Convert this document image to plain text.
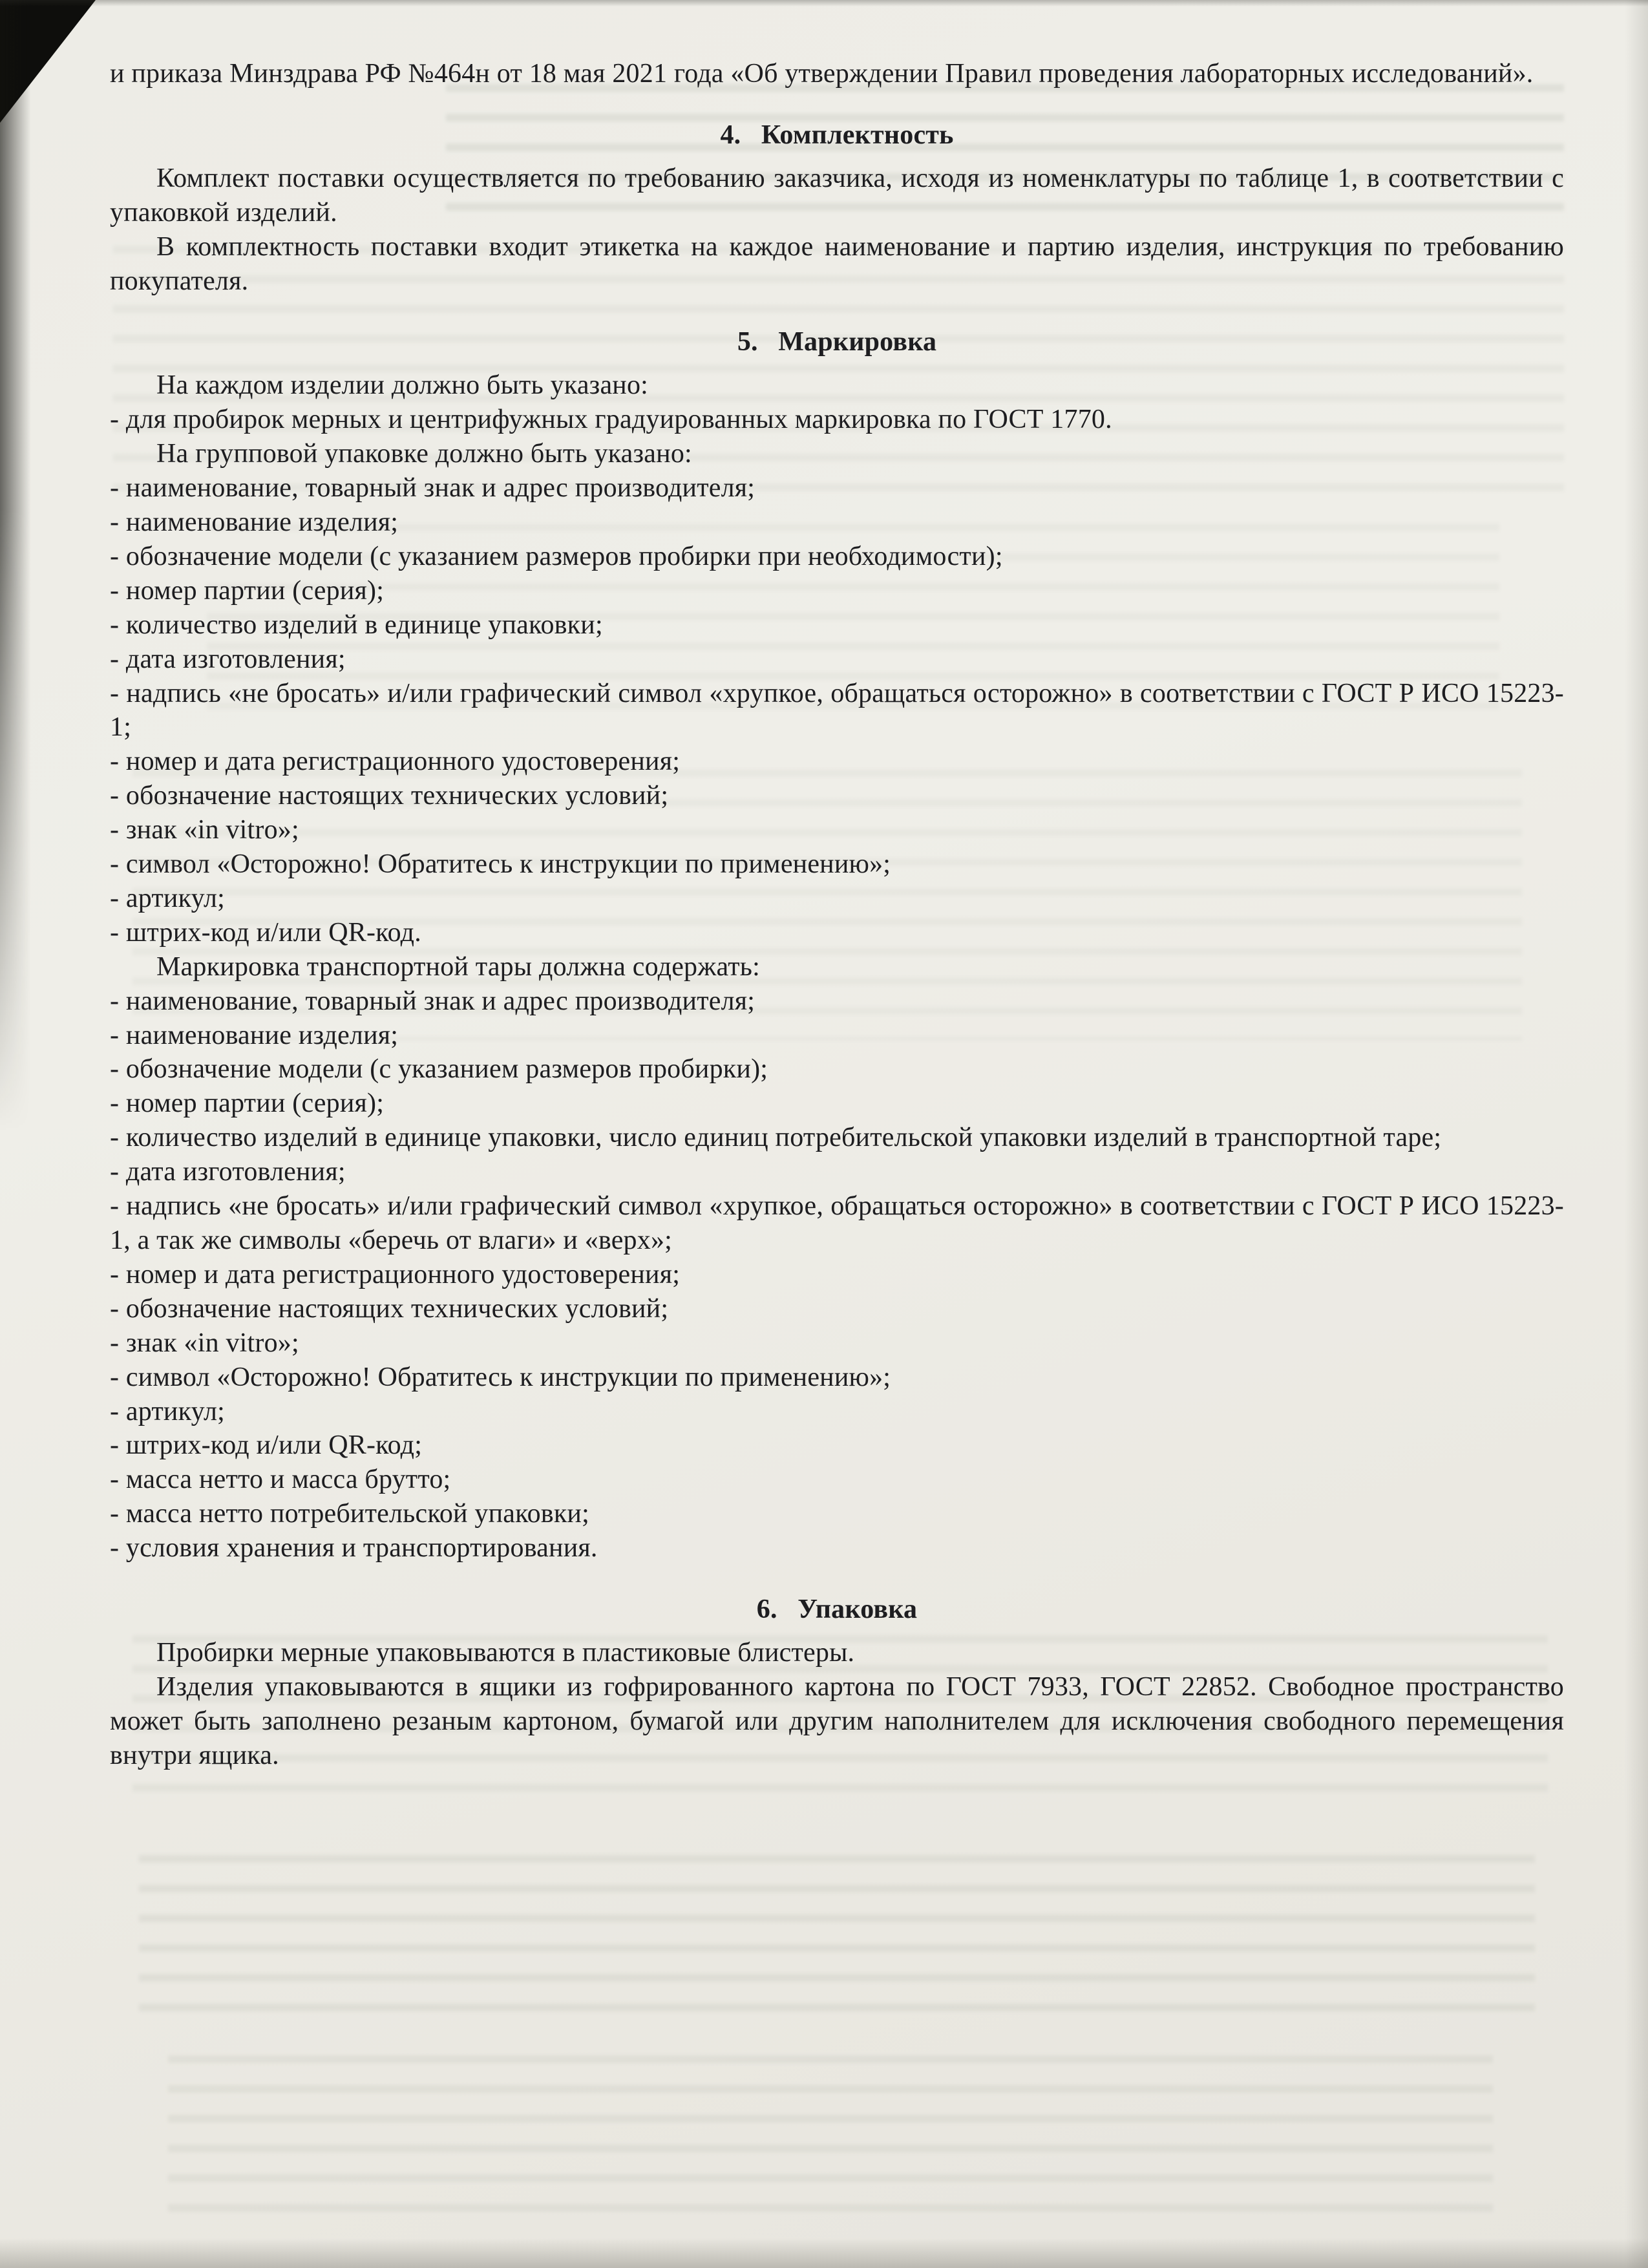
и приказа Минздрава РФ №464н от 18 мая 2021 года «Об утверждении Правил проведения лабораторных исследований».

4. Комплектность

Комплект поставки осуществляется по требованию заказчика, исходя из номенклатуры по таблице 1, в соответствии с упаковкой изделий.

В комплектность поставки входит этикетка на каждое наименование и партию изделия, инструкция по требованию покупателя.

5. Маркировка

На каждом изделии должно быть указано:

- для пробирок мерных и центрифужных градуированных маркировка по ГОСТ 1770.

На групповой упаковке должно быть указано:

- наименование, товарный знак и адрес производителя;

- наименование изделия;

- обозначение модели (с указанием размеров пробирки при необходимости);

- номер партии (серия);

- количество изделий в единице упаковки;

- дата изготовления;

- надпись «не бросать» и/или графический символ «хрупкое, обращаться осторожно» в соответствии с ГОСТ Р ИСО 15223-1;

- номер и дата регистрационного удостоверения;

- обозначение настоящих технических условий;

- знак «in vitro»;

- символ «Осторожно! Обратитесь к инструкции по применению»;

- артикул;

- штрих-код и/или QR-код.

Маркировка транспортной тары должна содержать:

- наименование, товарный знак и адрес производителя;

- наименование изделия;

- обозначение модели (с указанием размеров пробирки);

- номер партии (серия);

- количество изделий в единице упаковки, число единиц потребительской упаковки изделий в транспортной таре;

- дата изготовления;

- надпись «не бросать» и/или графический символ «хрупкое, обращаться осторожно» в соответствии с ГОСТ Р ИСО 15223-1, а так же символы «беречь от влаги» и «верх»;

- номер и дата регистрационного удостоверения;

- обозначение настоящих технических условий;

- знак «in vitro»;

- символ «Осторожно! Обратитесь к инструкции по применению»;

- артикул;

- штрих-код и/или QR-код;

- масса нетто и масса брутто;

- масса нетто потребительской упаковки;

- условия хранения и транспортирования.

6. Упаковка

Пробирки мерные упаковываются в пластиковые блистеры.

Изделия упаковываются в ящики из гофрированного картона по ГОСТ 7933, ГОСТ 22852. Свободное пространство может быть заполнено резаным картоном, бумагой или другим наполнителем для исключения свободного перемещения внутри ящика.
